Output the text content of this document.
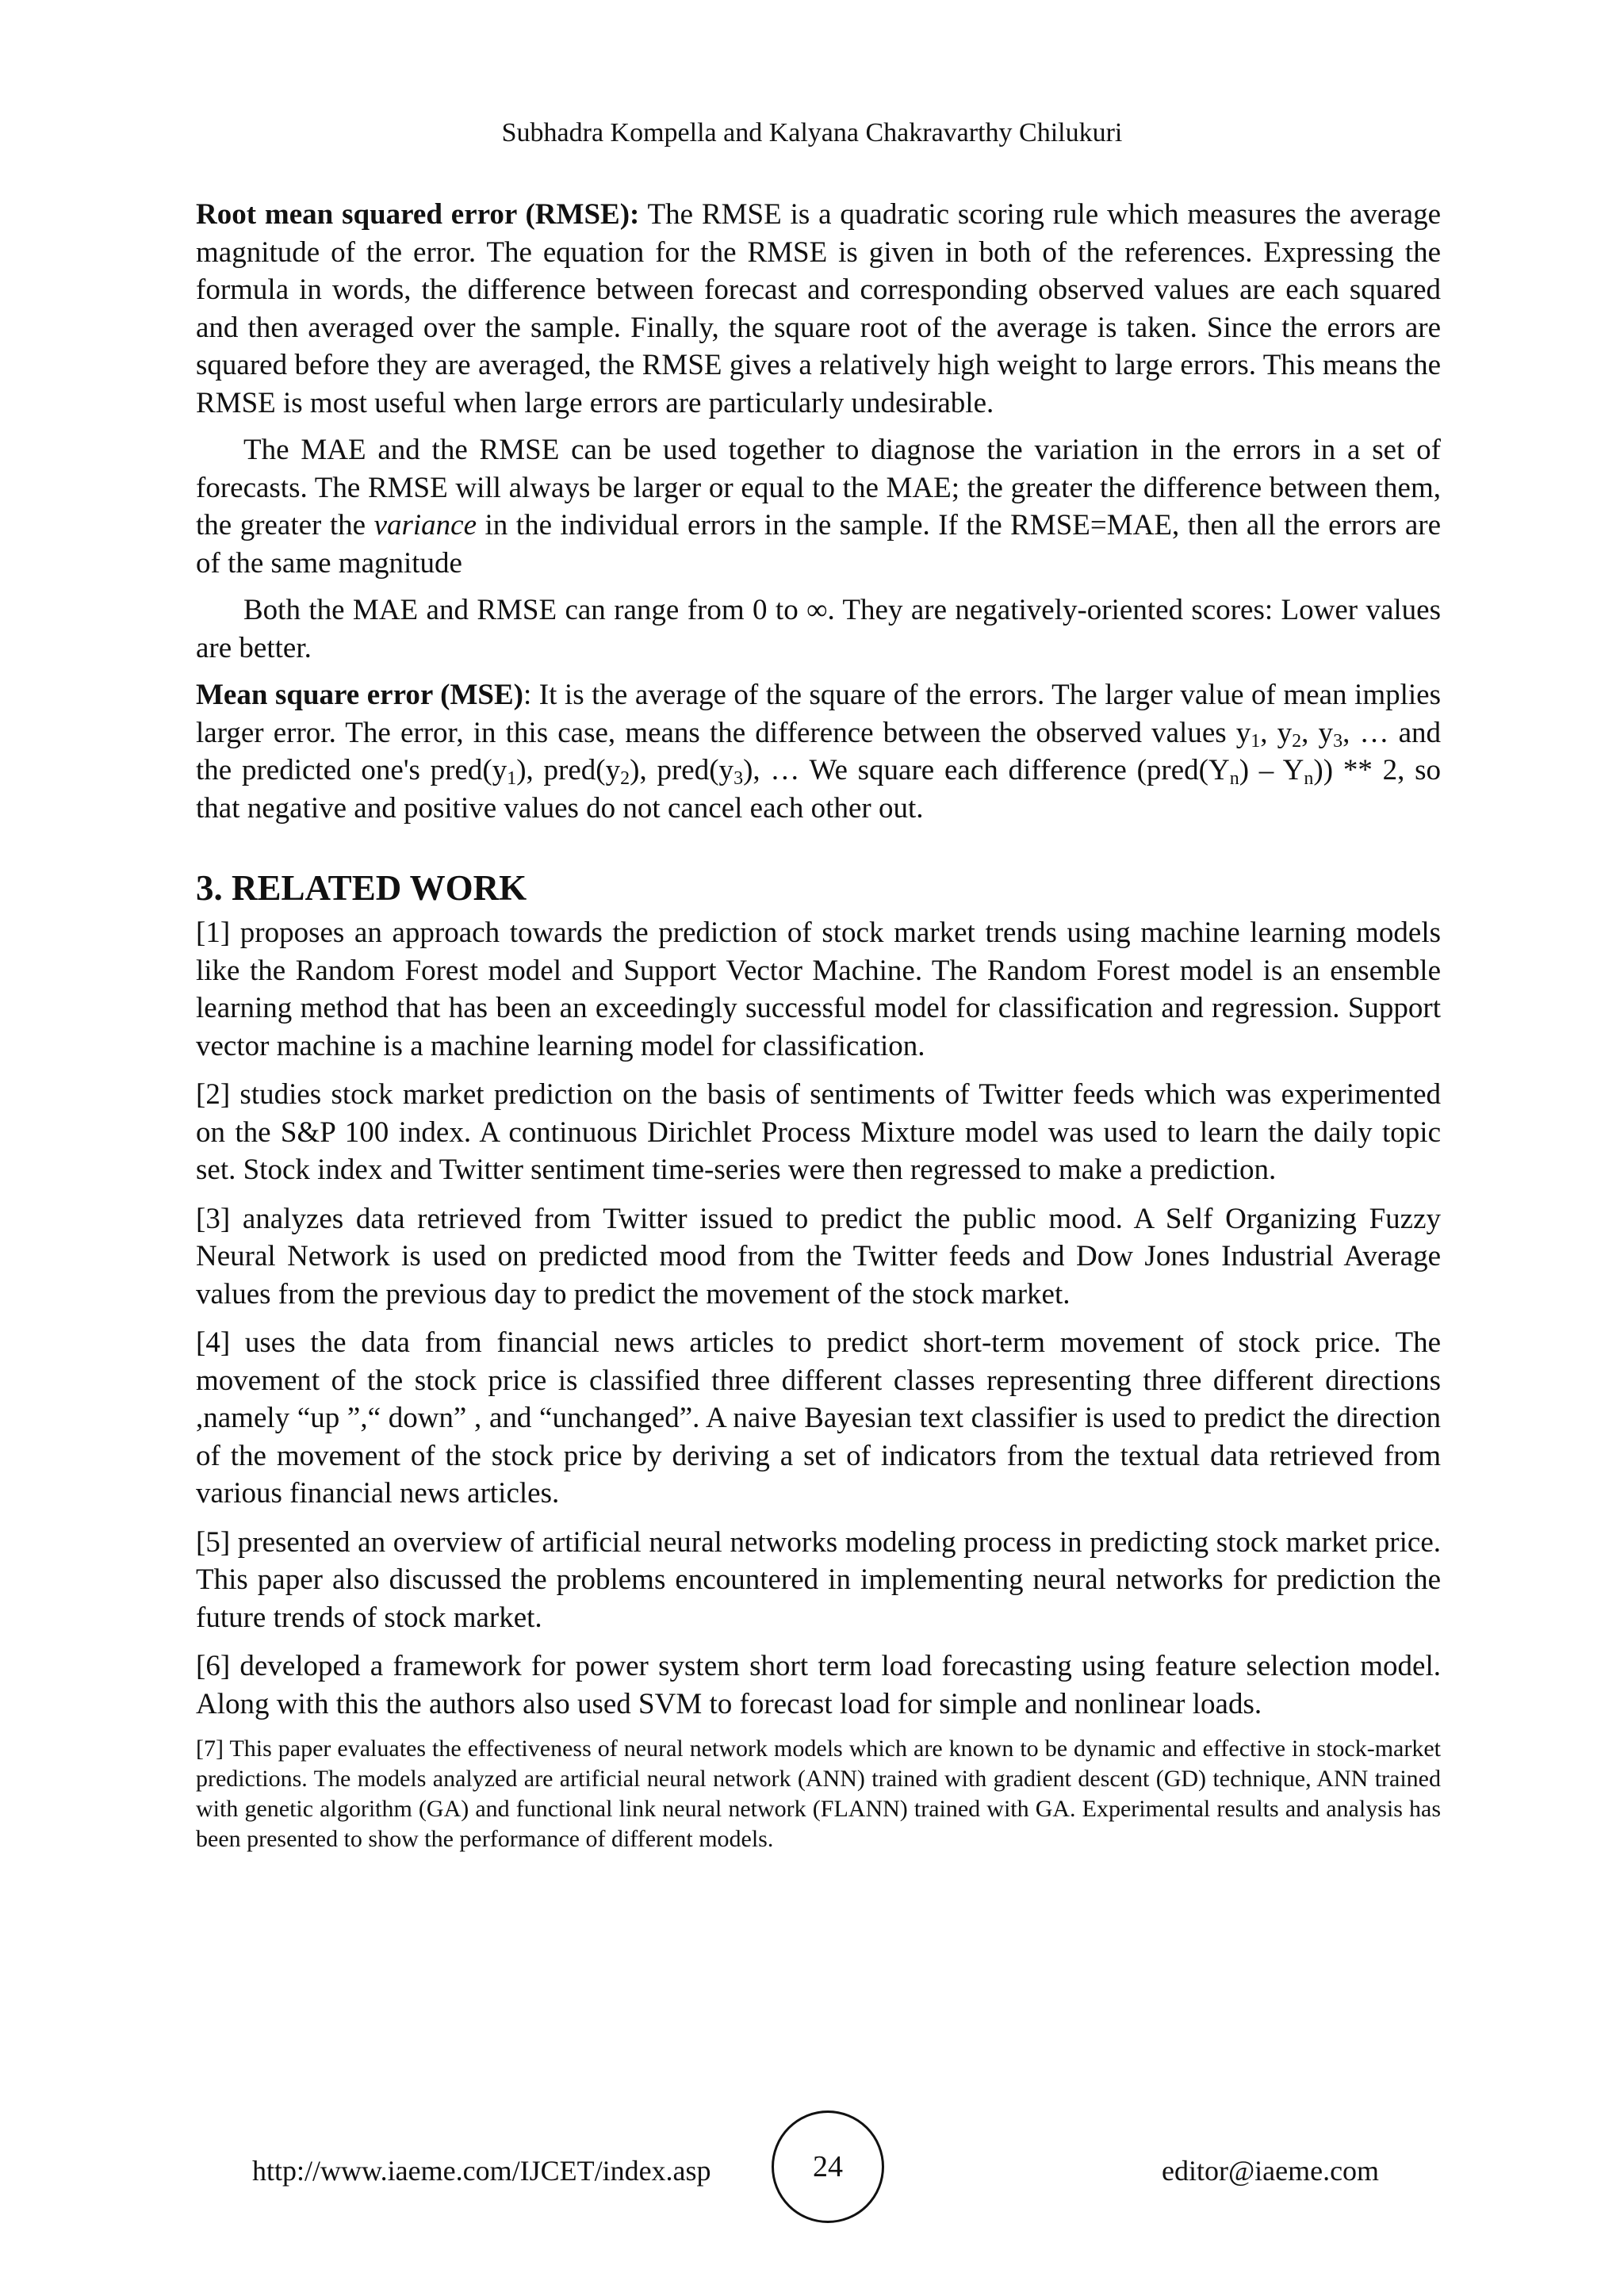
Subhadra Kompella and Kalyana Chakravarthy Chilukuri

Root mean squared error (RMSE): The RMSE is a quadratic scoring rule which measures the average magnitude of the error. The equation for the RMSE is given in both of the references. Expressing the formula in words, the difference between forecast and corresponding observed values are each squared and then averaged over the sample. Finally, the square root of the average is taken. Since the errors are squared before they are averaged, the RMSE gives a relatively high weight to large errors. This means the RMSE is most useful when large errors are particularly undesirable.

The MAE and the RMSE can be used together to diagnose the variation in the errors in a set of forecasts. The RMSE will always be larger or equal to the MAE; the greater the difference between them, the greater the variance in the individual errors in the sample. If the RMSE=MAE, then all the errors are of the same magnitude

Both the MAE and RMSE can range from 0 to ∞. They are negatively-oriented scores: Lower values are better.

Mean square error (MSE): It is the average of the square of the errors. The larger value of mean implies larger error. The error, in this case, means the difference between the observed values $y_1$, $y_2$, $y_3$, … and the predicted one's $pred(y_1)$, $pred(y_2)$, $pred(y_3)$, … We square each difference $(pred(Y_n) - Y_n)) ** 2$, so that negative and positive values do not cancel each other out.

3. RELATED WORK

[1] proposes an approach towards the prediction of stock market trends using machine learning models like the Random Forest model and Support Vector Machine. The Random Forest model is an ensemble learning method that has been an exceedingly successful model for classification and regression. Support vector machine is a machine learning model for classification.

[2] studies stock market prediction on the basis of sentiments of Twitter feeds which was experimented on the S&P 100 index. A continuous Dirichlet Process Mixture model was used to learn the daily topic set. Stock index and Twitter sentiment time-series were then regressed to make a prediction.

[3] analyzes data retrieved from Twitter issued to predict the public mood. A Self Organizing Fuzzy Neural Network is used on predicted mood from the Twitter feeds and Dow Jones Industrial Average values from the previous day to predict the movement of the stock market.

[4] uses the data from financial news articles to predict short-term movement of stock price. The movement of the stock price is classified three different classes representing three different directions ,namely “up ”,“ down” , and “unchanged”. A naive Bayesian text classifier is used to predict the direction of the movement of the stock price by deriving a set of indicators from the textual data retrieved from various financial news articles.

[5] presented an overview of artificial neural networks modeling process in predicting stock market price. This paper also discussed the problems encountered in implementing neural networks for prediction the future trends of stock market.

[6] developed a framework for power system short term load forecasting using feature selection model. Along with this the authors also used SVM to forecast load for simple and nonlinear loads.

[7] This paper evaluates the effectiveness of neural network models which are known to be dynamic and effective in stock-market predictions. The models analyzed are artificial neural network (ANN) trained with gradient descent (GD) technique, ANN trained with genetic algorithm (GA) and functional link neural network (FLANN) trained with GA. Experimental results and analysis has been presented to show the performance of different models.

http://www.iaeme.com/IJCET/index.asp	24	editor@iaeme.com
